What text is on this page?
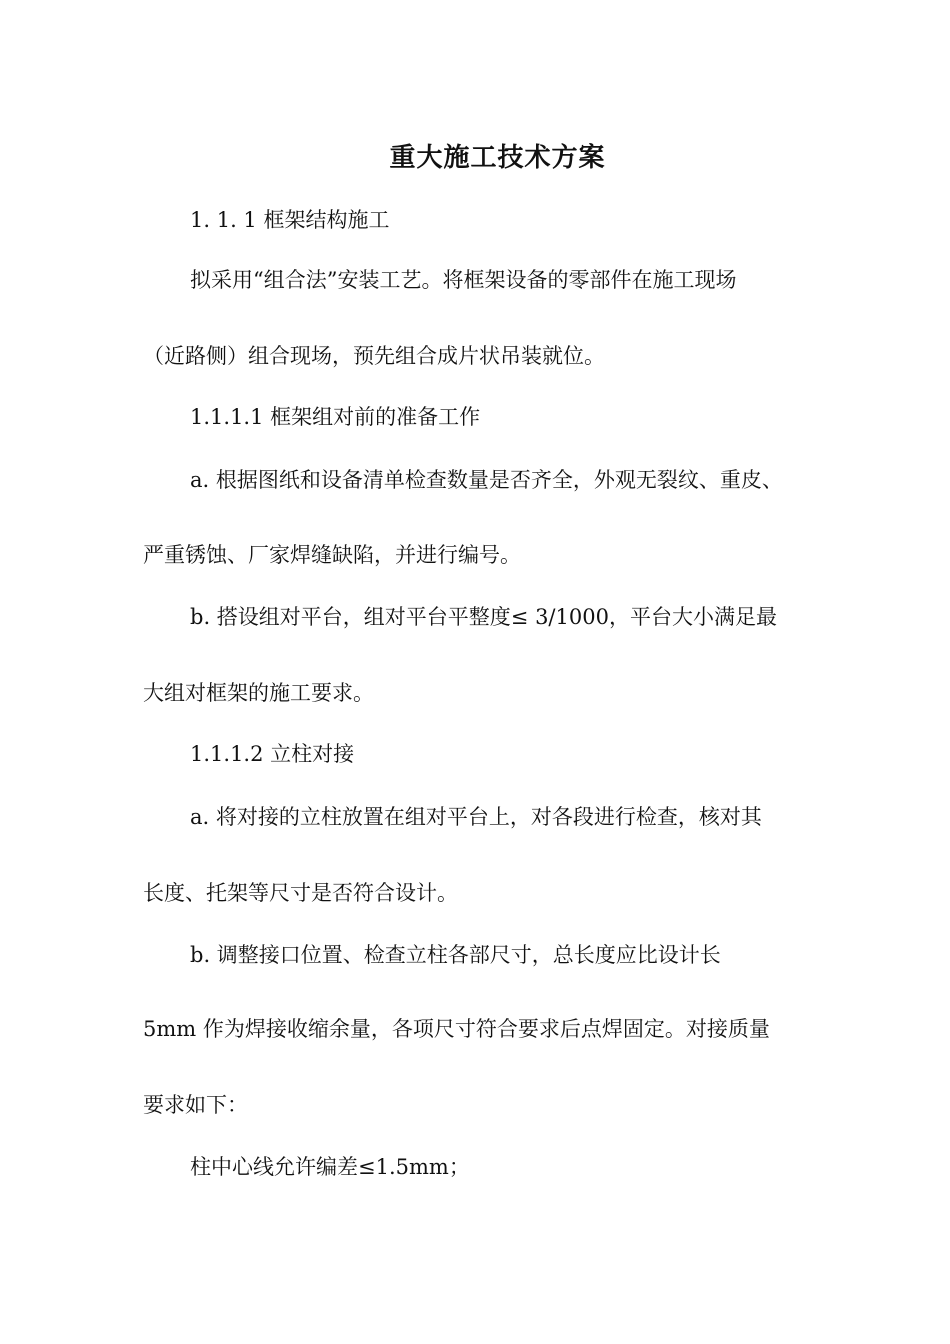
重大施工技术方案
1. 1. 1 框架结构施工
拟采用“组合法”安装工艺。将框架设备的零部件在施工现场
（近路侧）组合现场，预先组合成片状吊装就位。
1.1.1.1 框架组对前的准备工作
a. 根据图纸和设备清单检查数量是否齐全，外观无裂纹、重皮、
严重锈蚀、厂家焊缝缺陷，并进行编号。
b. 搭设组对平台，组对平台平整度≤ 3/1000，平台大小满足最
大组对框架的施工要求。
1.1.1.2 立柱对接
a. 将对接的立柱放置在组对平台上，对各段进行检查，核对其
长度、托架等尺寸是否符合设计。
b. 调整接口位置、检查立柱各部尺寸，总长度应比设计长
5mm 作为焊接收缩余量，各项尺寸符合要求后点焊固定。对接质量
要求如下：
柱中心线允许编差≤1.5mm；
